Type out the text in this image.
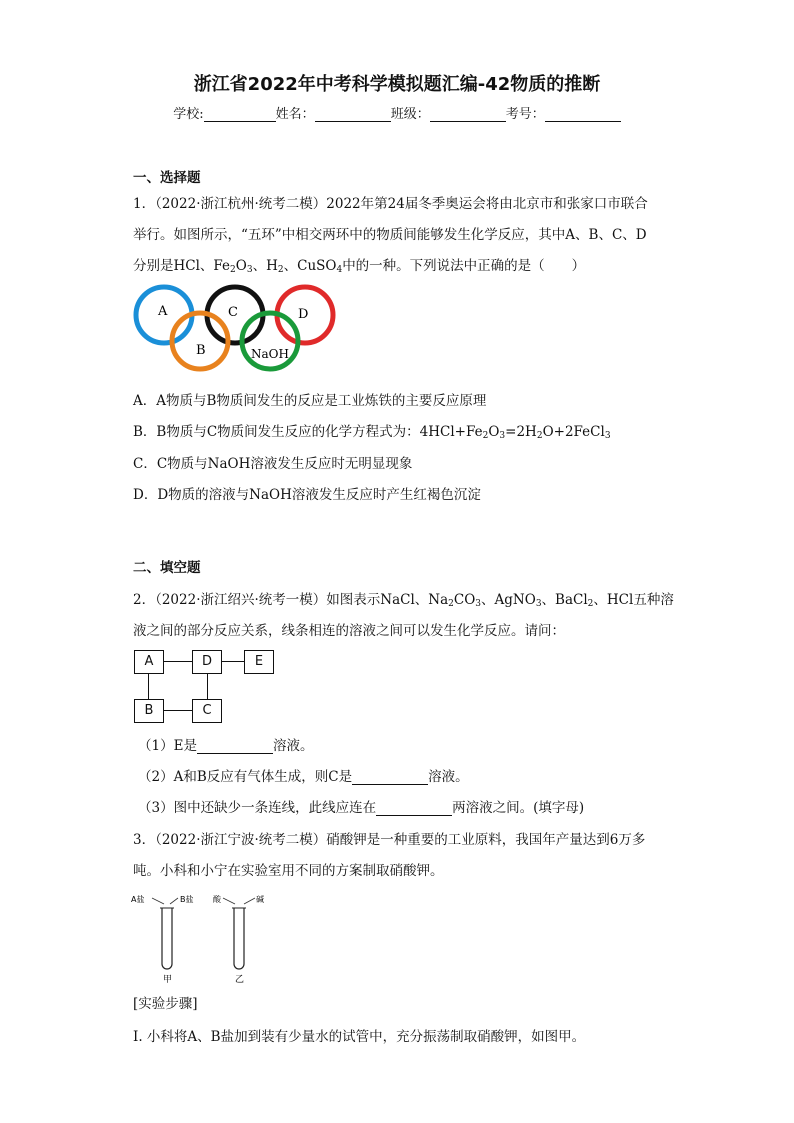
浙江省2022年中考科学模拟题汇编-42物质的推断
学校:	姓名：	班级：	考号：
一、选择题
1．（2022·浙江杭州·统考二模）2022年第24届冬季奥运会将由北京市和张家口市联合
举行。如图所示，“五环”中相交两环中的物质间能够发生化学反应，其中A、B、C、D
分别是HCl、$Fe_2O_3$、$H_2$、CuSO$_4$中的一种。下列说法中正确的是（　　）
A	C	D
B	NaOH
A．A物质与B物质间发生的反应是工业炼铁的主要反应原理
B．B物质与C物质间发生反应的化学方程式为：$4HCl+Fe_2O_3=2H_2O+2FeCl_3$
C．C物质与NaOH溶液发生反应时无明显现象
D．D物质的溶液与NaOH溶液发生反应时产生红褐色沉淀
二、填空题
2．（2022·浙江绍兴·统考一模）如图表示NaCl、$Na_2CO_3$、AgNO$_3$、BaCl$_2$、HCl五种溶
液之间的部分反应关系，线条相连的溶液之间可以发生化学反应。请问：
A	D	E
B	C
（1）E是	溶液。
（2）A和B反应有气体生成，则C是	溶液。
（3）图中还缺少一条连线，此线应连在	两溶液之间。(填字母)
3．（2022·浙江宁波·统考二模）硝酸钾是一种重要的工业原料，我国年产量达到6万多
吨。小科和小宁在实验室用不同的方案制取硝酸钾。
A盐	B盐
甲
酸	碱
乙
[实验步骤]
I. 小科将A、B盐加到装有少量水的试管中，充分振荡制取硝酸钾，如图甲。
